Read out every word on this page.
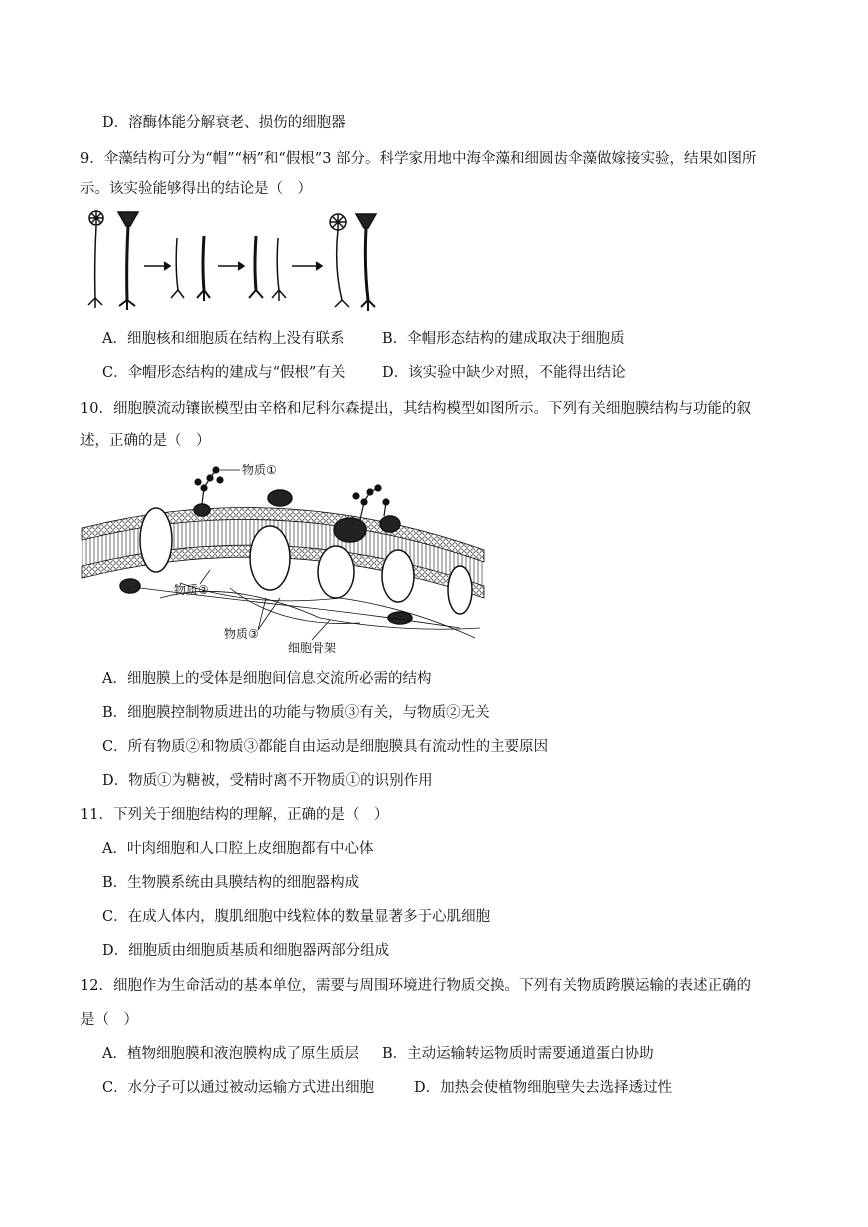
D．溶酶体能分解衰老、损伤的细胞器
9．伞藻结构可分为“帽”“柄”和“假根”3 部分。科学家用地中海伞藻和细圆齿伞藻做嫁接实验，结果如图所
示。该实验能够得出的结论是（　）
A．细胞核和细胞质在结构上没有联系	B．伞帽形态结构的建成取决于细胞质
C．伞帽形态结构的建成与“假根”有关	D．该实验中缺少对照，不能得出结论
10．细胞膜流动镶嵌模型由辛格和尼科尔森提出，其结构模型如图所示。下列有关细胞膜结构与功能的叙
述，正确的是（　）
物质①
物质②
物质③
细胞骨架
A．细胞膜上的受体是细胞间信息交流所必需的结构
B．细胞膜控制物质进出的功能与物质③有关，与物质②无关
C．所有物质②和物质③都能自由运动是细胞膜具有流动性的主要原因
D．物质①为糖被，受精时离不开物质①的识别作用
11．下列关于细胞结构的理解，正确的是（　）
A．叶肉细胞和人口腔上皮细胞都有中心体
B．生物膜系统由具膜结构的细胞器构成
C．在成人体内，腹肌细胞中线粒体的数量显著多于心肌细胞
D．细胞质由细胞质基质和细胞器两部分组成
12．细胞作为生命活动的基本单位，需要与周围环境进行物质交换。下列有关物质跨膜运输的表述正确的
是（　）
A．植物细胞膜和液泡膜构成了原生质层 B．主动运输转运物质时需要通道蛋白协助
C．水分子可以通过被动运输方式进出细胞	D．加热会使植物细胞壁失去选择透过性
